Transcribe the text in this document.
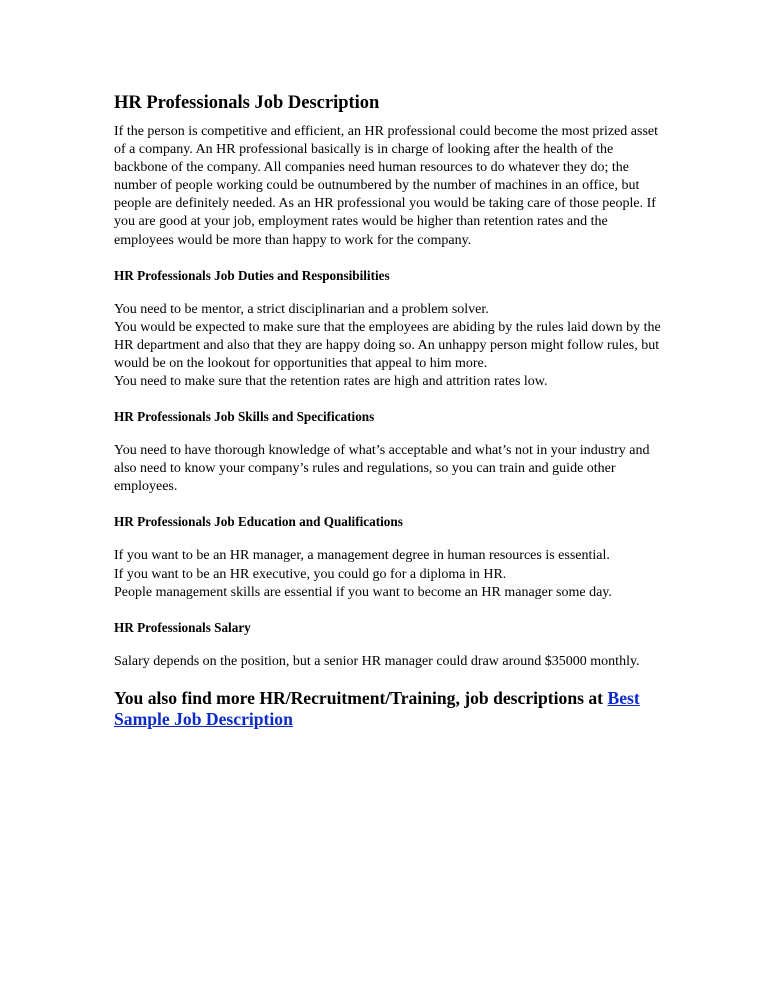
HR Professionals Job Description

If the person is competitive and efficient, an HR professional could become the most prized asset of a company. An HR professional basically is in charge of looking after the health of the backbone of the company. All companies need human resources to do whatever they do; the number of people working could be outnumbered by the number of machines in an office, but people are definitely needed. As an HR professional you would be taking care of those people. If you are good at your job, employment rates would be higher than retention rates and the employees would be more than happy to work for the company.

HR Professionals Job Duties and Responsibilities

You need to be mentor, a strict disciplinarian and a problem solver.
You would be expected to make sure that the employees are abiding by the rules laid down by the HR department and also that they are happy doing so. An unhappy person might follow rules, but would be on the lookout for opportunities that appeal to him more.
You need to make sure that the retention rates are high and attrition rates low.

HR Professionals Job Skills and Specifications

You need to have thorough knowledge of what’s acceptable and what’s not in your industry and also need to know your company’s rules and regulations, so you can train and guide other employees.

HR Professionals Job Education and Qualifications

If you want to be an HR manager, a management degree in human resources is essential.
If you want to be an HR executive, you could go for a diploma in HR.
People management skills are essential if you want to become an HR manager some day.

HR Professionals Salary

Salary depends on the position, but a senior HR manager could draw around $35000 monthly.

You also find more HR/Recruitment/Training, job descriptions at Best Sample Job Description
